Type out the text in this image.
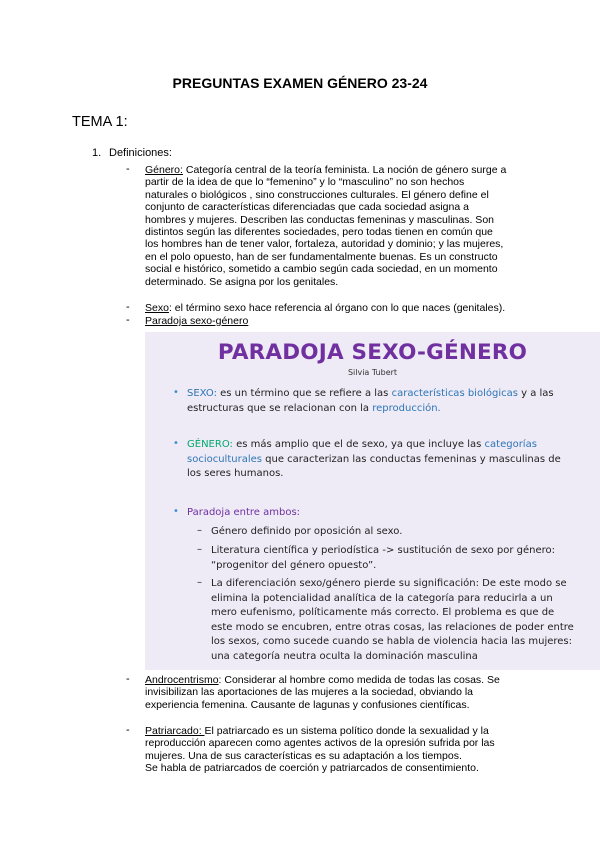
PREGUNTAS EXAMEN GÉNERO 23-24
TEMA 1:
1. Definiciones:
- Género: Categoría central de la teoría feminista. La noción de género surge a
partir de la idea de que lo “femenino” y lo “masculino” no son hechos
naturales o biológicos , sino construcciones culturales. El género define el
conjunto de características diferenciadas que cada sociedad asigna a
hombres y mujeres. Describen las conductas femeninas y masculinas. Son
distintos según las diferentes sociedades, pero todas tienen en común que
los hombres han de tener valor, fortaleza, autoridad y dominio; y las mujeres,
en el polo opuesto, han de ser fundamentalmente buenas. Es un constructo
social e histórico, sometido a cambio según cada sociedad, en un momento
determinado. Se asigna por los genitales.
- Sexo: el término sexo hace referencia al órgano con lo que naces (genitales).
- Paradoja sexo-género
PARADOJA SEXO-GÉNERO
Silvia Tubert
• SEXO: es un término que se refiere a las características biológicas y a las
estructuras que se relacionan con la reproducción.
• GÉNERO: es más amplio que el de sexo, ya que incluye las categorías
socioculturales que caracterizan las conductas femeninas y masculinas de
los seres humanos.
• Paradoja entre ambos:
– Género definido por oposición al sexo.
– Literatura científica y periodística -> sustitución de sexo por género:
“progenitor del género opuesto”.
– La diferenciación sexo/género pierde su significación: De este modo se
elimina la potencialidad analítica de la categoría para reducirla a un
mero eufenismo, políticamente más correcto. El problema es que de
este modo se encubren, entre otras cosas, las relaciones de poder entre
los sexos, como sucede cuando se habla de violencia hacia las mujeres:
una categoría neutra oculta la dominación masculina
- Androcentrismo: Considerar al hombre como medida de todas las cosas. Se
invisibilizan las aportaciones de las mujeres a la sociedad, obviando la
experiencia femenina. Causante de lagunas y confusiones científicas.
- Patriarcado: El patriarcado es un sistema político donde la sexualidad y la
reproducción aparecen como agentes activos de la opresión sufrida por las
mujeres. Una de sus características es su adaptación a los tiempos.
Se habla de patriarcados de coerción y patriarcados de consentimiento.
